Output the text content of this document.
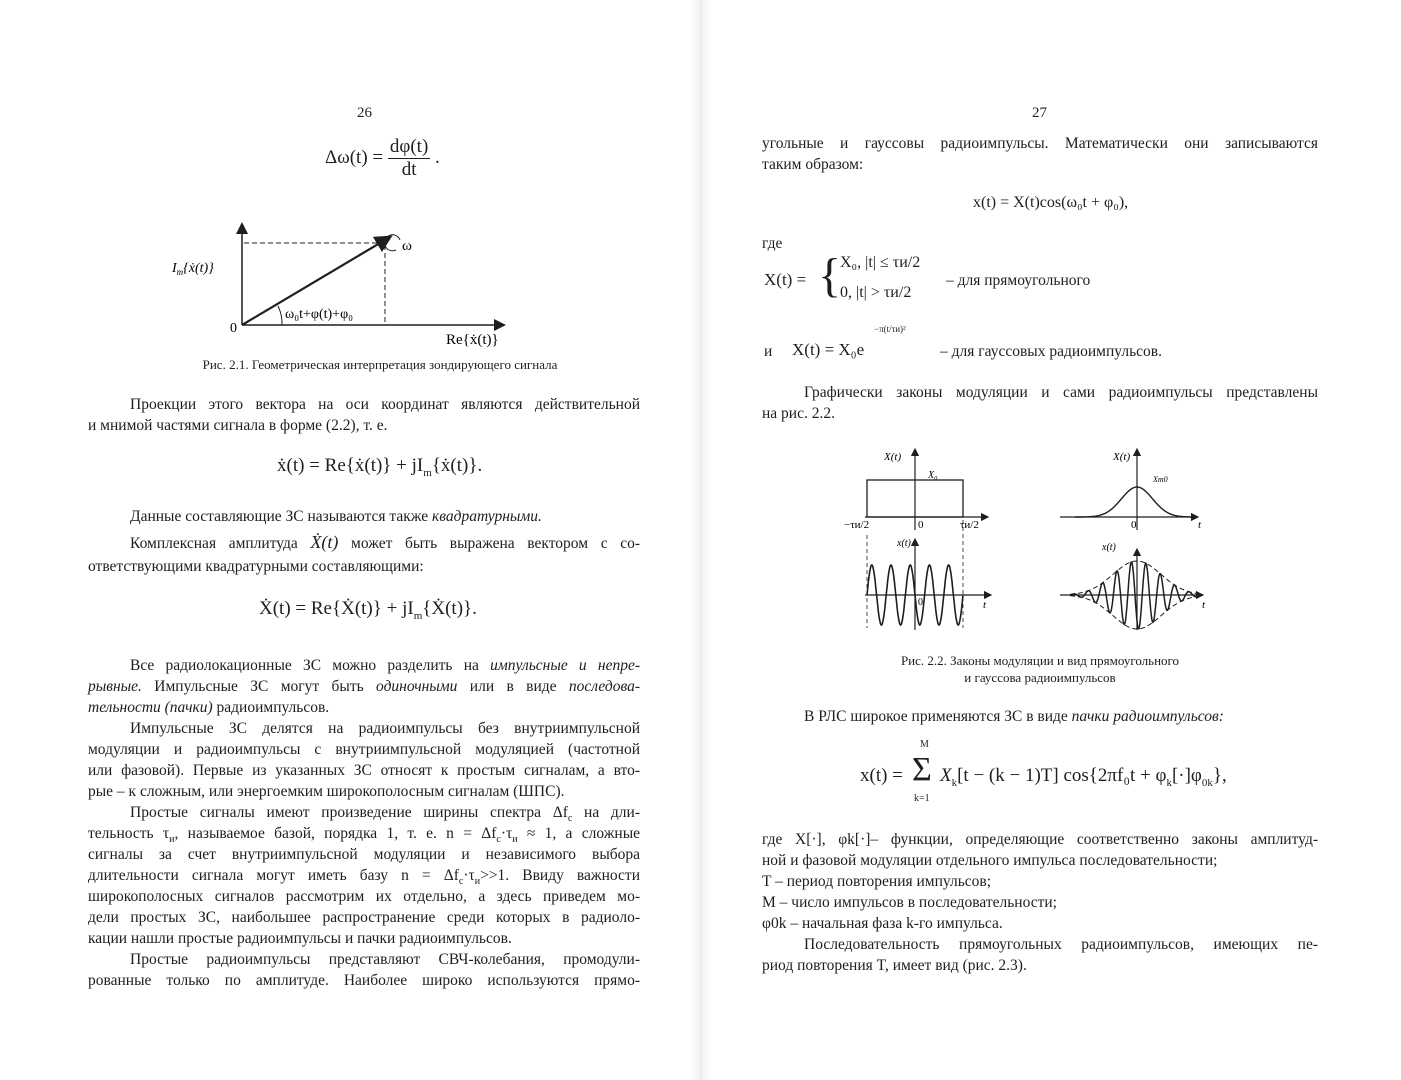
26
$\Delta\omega(t) = \frac{d\varphi(t)}{dt}$ .
ω
$I_m\{ẋ(t)\}$
Re{ẋ(t)}
0
ω₀t+φ(t)+φ₀
Рис. 2.1. Геометрическая интерпретация зондирующего сигнала
Проекции этого вектора на оси координат являются действительной
и мнимой частями сигнала в форме (2.2), т. е.
ẋ(t) = Re{ẋ(t)} + $jI_m\{ẋ(t)\}$.
Данные составляющие ЗС называются также квадратурными.
Комплексная амплитуда Ẋ(t) может быть выражена вектором с со-
ответствующими квадратурными составляющими:
Ẋ(t) = Re{Ẋ(t)} + $jI_m\{Ẋ(t)\}$.
Все радиолокационные ЗС можно разделить на импульсные и непре-
рывные. Импульсные ЗС могут быть одиночными или в виде последова-
тельности (пачки) радиоимпульсов.
Импульсные ЗС делятся на радиоимпульсы без внутриимпульсной
модуляции и радиоимпульсы с внутриимпульсной модуляцией (частотной
или фазовой). Первые из указанных ЗС относят к простым сигналам, а вто-
рые – к сложным, или энергоемким широкополосным сигналам (ШПС).
Простые сигналы имеют произведение ширины спектра $\Delta f_c$ на дли-
тельность $\tau_и$, называемое базой, порядка 1, т. е. $n = \Delta f_c\cdot\tau_и \approx 1$, а сложные
сигналы за счет внутриимпульсной модуляции и независимого выбора
длительности сигнала могут иметь базу $n = \Delta f_c\cdot\tau_и>>1$. Ввиду важности
широкополосных сигналов рассмотрим их отдельно, а здесь приведем мо-
дели простых ЗС, наибольшее распространение среди которых в радиоло-
кации нашли простые радиоимпульсы и пачки радиоимпульсов.
Простые радиоимпульсы представляют СВЧ-колебания, промодули-
рованные только по амплитуде. Наиболее широко используются прямо-
27
угольные и гауссовы радиоимпульсы. Математически они записываются
таким образом:
x(t) = X(t)cos(ω₀t + φ₀),
где
X(t) = {
X₀, |t| ≤ τи/2
0, |t| > τи/2
– для прямоугольного
и X(t) = X₀e
−π(t/τи)²
– для гауссовых радиоимпульсов.
Графически законы модуляции и сами радиоимпульсы представлены
на рис. 2.2.
X(t)
X₀
−τи/2	0	τи/2
x(t)
0	t
X(t)
Xm0
0	t
x(t)
t
Рис. 2.2. Законы модуляции и вид прямоугольного
и гауссова радиоимпульсов
В РЛС широкое применяются ЗС в виде пачки радиоимпульсов:
x(t) =
M
Σ
k=1
$X_k[t - (k - 1)T] \cos\{2\pi f_0t + \varphi_k[\cdot]\varphi_{0k}\}$,
где X[·], φk[·]– функции, определяющие соответственно законы амплитуд-
ной и фазовой модуляции отдельного импульса последовательности;
T – период повторения импульсов;
M – число импульсов в последовательности;
φ0k – начальная фаза k-го импульса.
Последовательность прямоугольных радиоимпульсов, имеющих пе-
риод повторения T, имеет вид (рис. 2.3).
